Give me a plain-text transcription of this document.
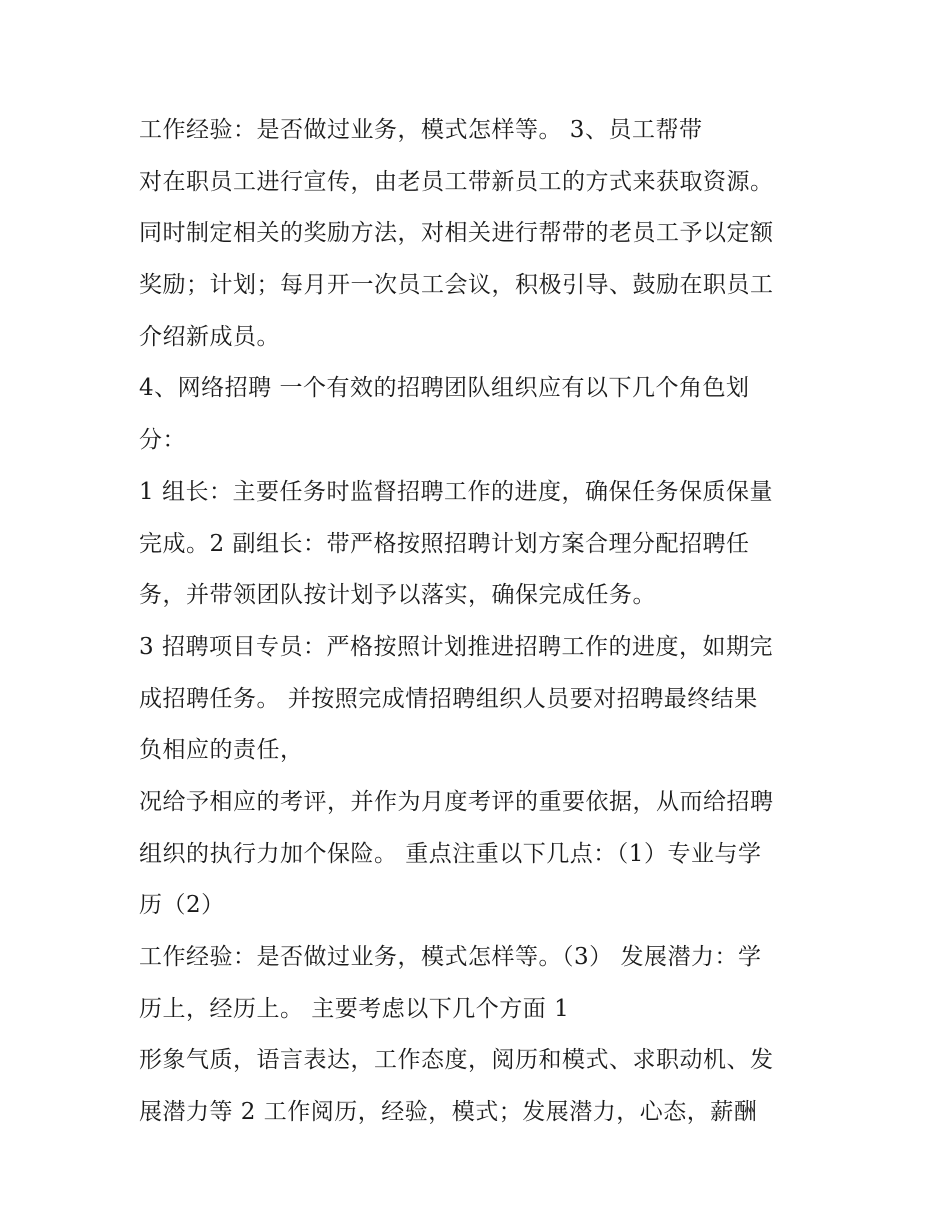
工作经验：是否做过业务，模式怎样等。 3、员工帮带
对在职员工进行宣传，由老员工带新员工的方式来获取资源。
同时制定相关的奖励方法，对相关进行帮带的老员工予以定额
奖励；计划；每月开一次员工会议，积极引导、鼓励在职员工
介绍新成员。
4、网络招聘 一个有效的招聘团队组织应有以下几个角色划
分：
1 组长：主要任务时监督招聘工作的进度，确保任务保质保量
完成。2 副组长：带严格按照招聘计划方案合理分配招聘任
务，并带领团队按计划予以落实，确保完成任务。
3 招聘项目专员：严格按照计划推进招聘工作的进度，如期完
成招聘任务。 并按照完成情招聘组织人员要对招聘最终结果
负相应的责任，
况给予相应的考评，并作为月度考评的重要依据，从而给招聘
组织的执行力加个保险。 重点注重以下几点：（1）专业与学
历（2）
工作经验：是否做过业务，模式怎样等。（3） 发展潜力：学
历上，经历上。 主要考虑以下几个方面 1
形象气质，语言表达，工作态度，阅历和模式、求职动机、发
展潜力等 2 工作阅历，经验，模式；发展潜力，心态，薪酬
